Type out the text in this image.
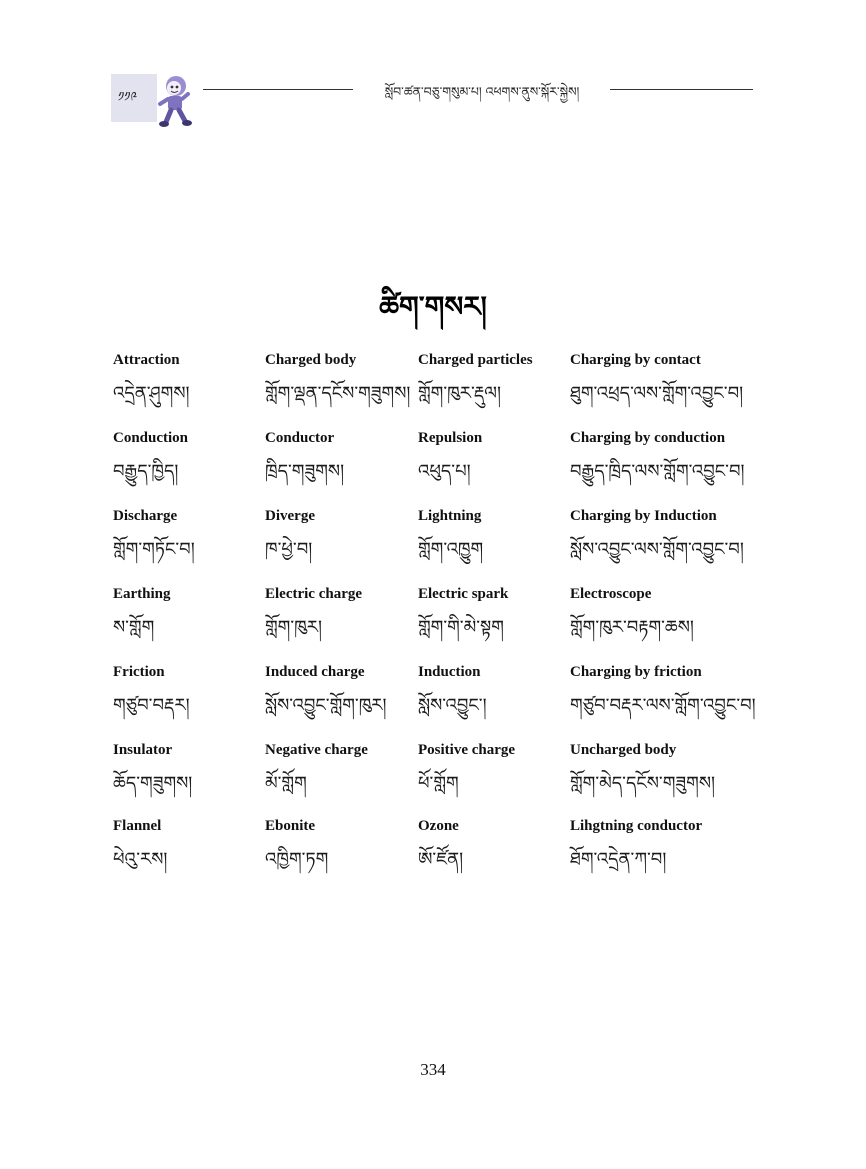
༡༡༩	སློབ་ཚན་བཅུ་གསུམ་པ། འཕགས་ནུས་སྐོར་སྐྱེས།
ཚིག་གསར།
Attraction
འདྲེན་ཤུགས།
Charged body
གློག་ལྡན་དངོས་གཟུགས།
Charged particles
གློག་ཁུར་རྡུལ།
Charging by contact
ཐུག་འཕྲད་ལས་གློག་འབྱུང་བ།
Conduction
བརྒྱུད་ཁྱིད།
Conductor
ཁྲིད་གཟུགས།
Repulsion
འཕུད་པ།
Charging by conduction
བརྒྱུད་ཁྲིད་ལས་གློག་འབྱུང་བ།
Discharge
གློག་གཏོང་བ།
Diverge
ཁ་ཕྱེ་བ།
Lightning
གློག་འཁྱུག
Charging by Induction
སློས་འབྱུང་ལས་གློག་འབྱུང་བ།
Earthing
ས་གློག
Electric charge
གློག་ཁུར།
Electric spark
གློག་གི་མེ་སྟག
Electroscope
གློག་ཁུར་བརྟག་ཆས།
Friction
གཙུབ་བརྡར།
Induced charge
སློས་འབྱུང་གློག་ཁུར།
Induction
སློས་འབྱུང་།
Charging by friction
གཙུབ་བརྡར་ལས་གློག་འབྱུང་བ།
Insulator
ཆོད་གཟུགས།
Negative charge
མོ་གློག
Positive charge
ཕོ་གློག
Uncharged body
གློག་མེད་དངོས་གཟུགས།
Flannel
ཕེའུ་རས།
Ebonite
འཁྱིག་ཏག
Ozone
ཨོ་ཛོན།
Lihgtning conductor
ཐོག་འདྲེན་ཀ་བ།
334
